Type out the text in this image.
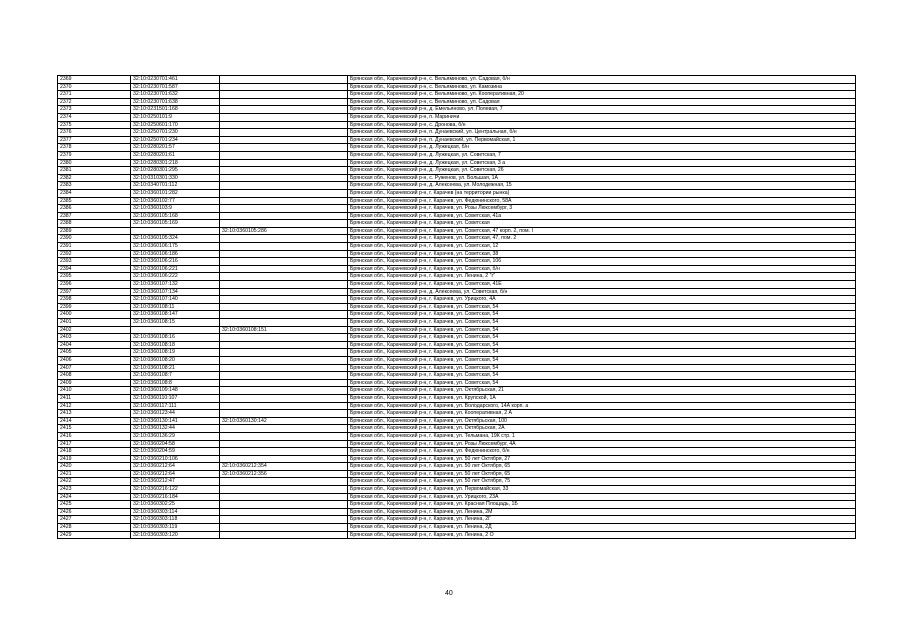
2369	32:10:0230701:461		Брянская обл., Карачевский р-н, с. Вельяминово, ул. Садовая, б/н
2370	32:10:0230701:587		Брянская обл., Карачевский р-н, с. Вельяминово, ул. Камозина
2371	32:10:0230701:632		Брянская обл., Карачевский р-н, с. Вельяминово, ул. Кооперативная, 20
2372	32:10:0230701:638		Брянская обл., Карачевский р-н, с. Вельяминово, ул. Садовая
2373	32:10:0231501:168		Брянская обл., Карачевский р-н, д. Емельяново, ул. Полевая, 7
2374	32:10:0250101:9		Брянская обл., Карачевский р-н, п. Мариничи
2375	32:10:0250601:170		Брянская обл., Карачевский р-н, с. Дронова, б/н
2376	32:10:0250701:230		Брянская обл., Карачевский р-н, п. Дунаевский, ул. Центральная, б/н
2377	32:10:0250701:234		Брянская обл., Карачевский р-н, п. Дунаевский, ул. Первомайская, 1
2378	32:10:0280201:57		Брянская обл., Карачевский р-н, д. Лужецкая, б/н
2379	32:10:0280201:61		Брянская обл., Карачевский р-н, д. Лужецкая, ул. Советская, 7
2380	32:10:0280301:218		Брянская обл., Карачевский р-н, д. Лужецкая, ул. Советская, 3 а
2381	32:10:0280301:295		Брянская обл., Карачевский р-н, д. Лужецкая, ул. Советская, 26
2382	32:10:0310301:330		Брянская обл., Карачевский р-н, с. Руженов, ул. Большая, 1А
2383	32:10:0340701:112		Брянская обл., Карачевский р-н, д. Алексеева, ул. Молодежная, 15
2384	32:10:0360101:282		Брянская обл., Карачевский р-н, г. Карачев (на территории рынка)
2385	32:10:0360102:77		Брянская обл., Карачевский р-н, г. Карачев, ул. Федюнинского, 58А
2386	32:10:0360103:9		Брянская обл., Карачевский р-н, г. Карачев, ул. Розы Люксембург, 3
2387	32:10:0360105:168		Брянская обл., Карачевский р-н, г. Карачев, ул. Советская, 41а
2388	32:10:0360105:169		Брянская обл., Карачевский р-н, г. Карачев, ул. Советская
2389		32:10:0360105:286	Брянская обл., Карачевский р-н, г. Карачев, ул. Советская, 47 корп. 2, пом. I
2390	32:10:0360105:324		Брянская обл., Карачевский р-н, г. Карачев, ул. Советская, 47, пом. 2
2391	32:10:0360106:175		Брянская обл., Карачевский р-н, г. Карачев, ул. Советская, 12
2392	32:10:0360106:186		Брянская обл., Карачевский р-н, г. Карачев, ул. Советская, 38
2393	32:10:0360106:216		Брянская обл., Карачевский р-н, г. Карачев, ул. Советская, 106
2394	32:10:0360106:221		Брянская обл., Карачевский р-н, г. Карачев, ул. Советская, б/н
2395	32:10:0360106:222		Брянская обл., Карачевский р-н, г. Карачев, ул. Ленина, 2 "г"
2396	32:10:0360107:132		Брянская обл., Карачевский р-н, г. Карачев, ул. Советская, 41Е
2397	32:10:0360107:134		Брянская обл., Карачевский р-н, д. Алексеева, ул. Советская, б/н
2398	32:10:0360107:140		Брянская обл., Карачевский р-н, г. Карачев, ул. Урицкого, 4А
2399	32:10:0360108:11		Брянская обл., Карачевский р-н, г. Карачев, ул. Советская, 54
2400	32:10:0360108:147		Брянская обл., Карачевский р-н, г. Карачев, ул. Советская, 54
2401	32:10:0360108:15		Брянская обл., Карачевский р-н, г. Карачев, ул. Советская, 54
2402		32:10:0360108:151	Брянская обл., Карачевский р-н, г. Карачев, ул. Советская, 54
2403	32:10:0360108:16		Брянская обл., Карачевский р-н, г. Карачев, ул. Советская, 54
2404	32:10:0360108:18		Брянская обл., Карачевский р-н, г. Карачев, ул. Советская, 54
2405	32:10:0360108:19		Брянская обл., Карачевский р-н, г. Карачев, ул. Советская, 54
2406	32:10:0360108:20		Брянская обл., Карачевский р-н, г. Карачев, ул. Советская, 54
2407	32:10:0360108:21		Брянская обл., Карачевский р-н, г. Карачев, ул. Советская, 54
2408	32:10:0360108:7		Брянская обл., Карачевский р-н, г. Карачев, ул. Советская, 54
2409	32:10:0360108:8		Брянская обл., Карачевский р-н, г. Карачев, ул. Советская, 54
2410	32:10:0360109:148		Брянская обл., Карачевский р-н, г. Карачев, ул. Октябрьская, 21
2411	32:10:0360110:107		Брянская обл., Карачевский р-н, г. Карачев, ул. Крупской, 1А
2412	32:10:0360117:111		Брянская обл., Карачевский р-н, г. Карачев, ул. Володарского, 14А корп. а
2413	32:10:0360123:44		Брянская обл., Карачевский р-н, г. Карачев, ул. Кооперативная, 2 А
2414	32:10:0360130:141	32:10:0360130:142	Брянская обл., Карачевский р-н, г. Карачев, ул. Октябрьская, 100
2415	32:10:0360132:44		Брянская обл., Карачевский р-н, г. Карачев, ул. Октябрьская, 2А
2416	32:10:0360136:29		Брянская обл., Карачевский р-н, г. Карачев, ул. Тельмана, 19К стр. 1
2417	32:10:0360204:58		Брянская обл., Карачевский р-н, г. Карачев, ул. Розы Люксембург, 4А
2418	32:10:0360204:59		Брянская обл., Карачевский р-н, г. Карачев, ул. Федюнинского, б/н
2419	32:10:0360210:106		Брянская обл., Карачевский р-н, г. Карачев, ул. 50 лет Октября, 27
2420	32:10:0360212:64	32:10:0360212:354	Брянская обл., Карачевский р-н, г. Карачев, ул. 50 лет Октября, 65
2421	32:10:0360212:64	32:10:0360212:356	Брянская обл., Карачевский р-н, г. Карачев, ул. 50 лет Октября, 65
2422	32:10:0360212:47		Брянская обл., Карачевский р-н, г. Карачев, ул. 50 лет Октября, 75
2423	32:10:0360216:122		Брянская обл., Карачевский р-н, г. Карачев, ул. Первомайская, 33
2424	32:10:0360216:184		Брянская обл., Карачевский р-н, г. Карачев, ул. Урицкого, 23А
2425	32:10:0360302:25		Брянская обл., Карачевский р-н, г. Карачев, ул. Красная Площадь, 1Б
2426	32:10:0360303:114		Брянская обл., Карачевский р-н, г. Карачев, ул. Ленина, 2М
2427	32:10:0360303:118		Брянская обл., Карачевский р-н, г. Карачев, ул. Ленина, 2Г
2428	32:10:0360303:119		Брянская обл., Карачевский р-н, г. Карачев, ул. Ленина, 2Д
2429	32:10:0360303:120		Брянская обл., Карачевский р-н, г. Карачев, ул. Ленина, 2 О
40
